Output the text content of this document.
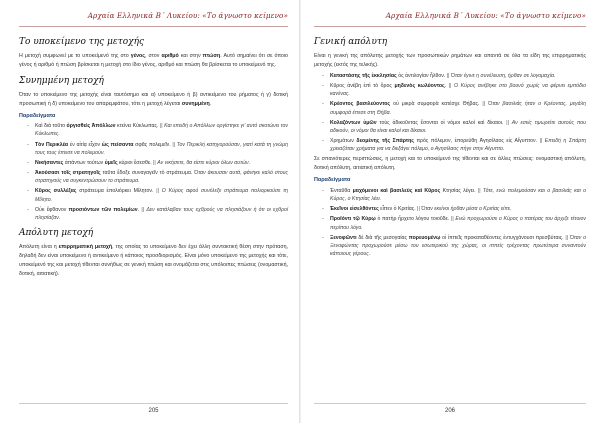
Αρχαία Ελληνικά Β΄ Λυκείου: «Το άγνωστο κείμενο»
Το υποκείμενο της μετοχής

Η μετοχή συμφωνεί με το υποκείμενό της στο γένος, στον αριθμό και στην πτώση. Αυτό σημαίνει ότι σε όποιο γένος ή αριθμό ή πτώση βρίσκεται η μετοχή στο ίδιο γένος, αριθμό και πτώση θα βρίσκεται το υποκείμενό της.

Συνημμένη μετοχή

Όταν το υποκείμενο της μετοχής είναι ταυτόσημο και α) υποκείμενο ή β) αντικείμενο του ρήματος ή γ) δοτική προσωπική ή δ) υποκείμενο του απαρεμφάτου, τότε η μετοχή λέγεται συνημμένη.

Παραδείγματα
- Καὶ διὰ τοῦτο ὀργισθεὶς Ἀπόλλων κτείνει Κύκλωπας. || Και επειδή ο Απόλλων οργίστηκε γι' αυτό σκοτώνει τον Κύκλωπες.
- Τὸν Περικλέα ἐν αἰτίᾳ εἶχον ὡς πείσαντα σφᾶς πολεμεῖν. || Τον Περικλή κατηγορούσαν, γιατί κατά τη γνώμη τους τους έπεισε να πολεμούν.
- Νικήσαντες ἀπάντων τούτων ὑμεῖς κύριοι ἔσεσθε. || Αν νικήσετε, θα είστε κύριοι όλων αυτών.
- Ἀκούσασι τοῖς στρατηγοῖς ταῦτα ἔδοξε συναγαγεῖν τὸ στράτευμα. Όταν άκουσαν αυτά, φάνηκε καλό στους στρατηγούς να συγκεντρώσουν το στράτευμα.
- Κῦρος συλλέξας στράτευμα ἐπολιόρκει Μίλητον. || Ο Κύρος αφού συνέλεξε στράτευμα πολιορκούσε τη Μίλητο.
- Οὐκ ἔφθανον προσιόντων τῶν πολεμίων. || Δεν κατάλαβαν τους εχθρούς να πλησιάζουν ή ότι οι εχθροί πλησίαζαν.
Απόλυτη μετοχή

Απόλυτη είναι η επιρρηματική μετοχή, της οποίας το υποκείμενο δεν έχει άλλη συντακτική θέση στην πρόταση, δηλαδή δεν είναι υποκείμενο ή αντικείμενο ή κάποιος προσδιορισμός. Είναι μόνο υποκείμενο της μετοχής και τότε, υποκείμενό της και μετοχή τίθενται συνήθως σε γενική πτώση και ονομάζεται στις υπόλοιπες πτώσεις (ονομαστική, δοτική, αιτιατική).

205
Αρχαία Ελληνικά Β΄ Λυκείου: «Το άγνωστο κείμενο»
Γενική απόλυτη

Είναι η γενική της απόλυτης μετοχής των προσωπικών ρημάτων και απαντά σε όλα τα είδη της επιρρηματικής μετοχής (εκτός της τελικής).

- Καταστάσης τῆς ἐκκλησίας ὁς ἀντιλογίαν ἦλθον. || Όταν έγινε η συνέλευση, ήρθαν σε λογομαχία.
- Κῦρος ἀνέβη ἐπὶ τὸ ὄρος μηδενὸς κωλύοντος. || Ο Κύρος ανέβηκε στο βουνό χωρίς να φέρνει εμπόδιο κανένας.
- Κρέοντος βασιλεύοντος οὐ μικρὰ συμφορὰ κατέσχε Θήβας. || Όταν βασιλιάς ήταν ο Κρέοντας, μεγάλη συμφορά έπεσε στη Θήβα.
- Κολαζόντων ὑμῶν τοὺς ἀδικοῦντας ἔσονται οἱ νόμοι καλοί καὶ δίκαιοι. || Αν εσείς τιμωρείτε αυτούς που αδικούν, οι νόμοι θα είναι καλοί και δίκαιοι.
- Χρημάτων δεομένης τῆς Σπάρτης πρὸς πόλεμον, ἐπορεύθη Ἀγησίλαος εἰς Αἴγυπτον. || Επειδή η Σπάρτη χρειαζόταν χρήματα για να διεξάγει πόλεμο, ο Αγησίλαος πήγε στην Αίγυπτο.

Σε σπανιότερες περιπτώσεις, η μετοχή και το υποκείμενό της τίθενται και σε άλλες πτώσεις: ονομαστική απόλυτη, δοτική απόλυτη, αιτιατική απόλυτη.

Παραδείγματα
- Ἐνταῦθα μαχόμενοι καὶ βασιλεὺς καὶ Κῦρος Κτησίας λέγει. || Τότε, ενώ πολεμούσαν και ο βασιλιάς και ο Κύρος, ο Κτησίας λέει.
- Ἐκεῖνοι εἰσελθόντες εἶπεν ὁ Κριτίας. || Όταν εκείνοι ήρθαν μέσα ο Κριτίας είπε.
- Προϊόντι τῷ Κύρῳ ὁ πατὴρ ἤρχετο λόγου τοιοῦδε. || Ενώ προχωρούσε ο Κύρος ο πατέρας του άρχιζε τέτοιον περίπου λόγο.
- Ξενοφῶντι δὲ διὰ τῆς μεσογαίας πορευομένῳ οἱ ἱππεῖς προκαταθέοντες ἐντυγχάνουσι πρεσβύταις. || Όταν ο Ξενοφώντας προχωρούσε μέσω του εσωτερικού της χώρας, οι ιππείς τρέχοντας πρωτύτερα συναντούν κάποιους γέρους.
206
